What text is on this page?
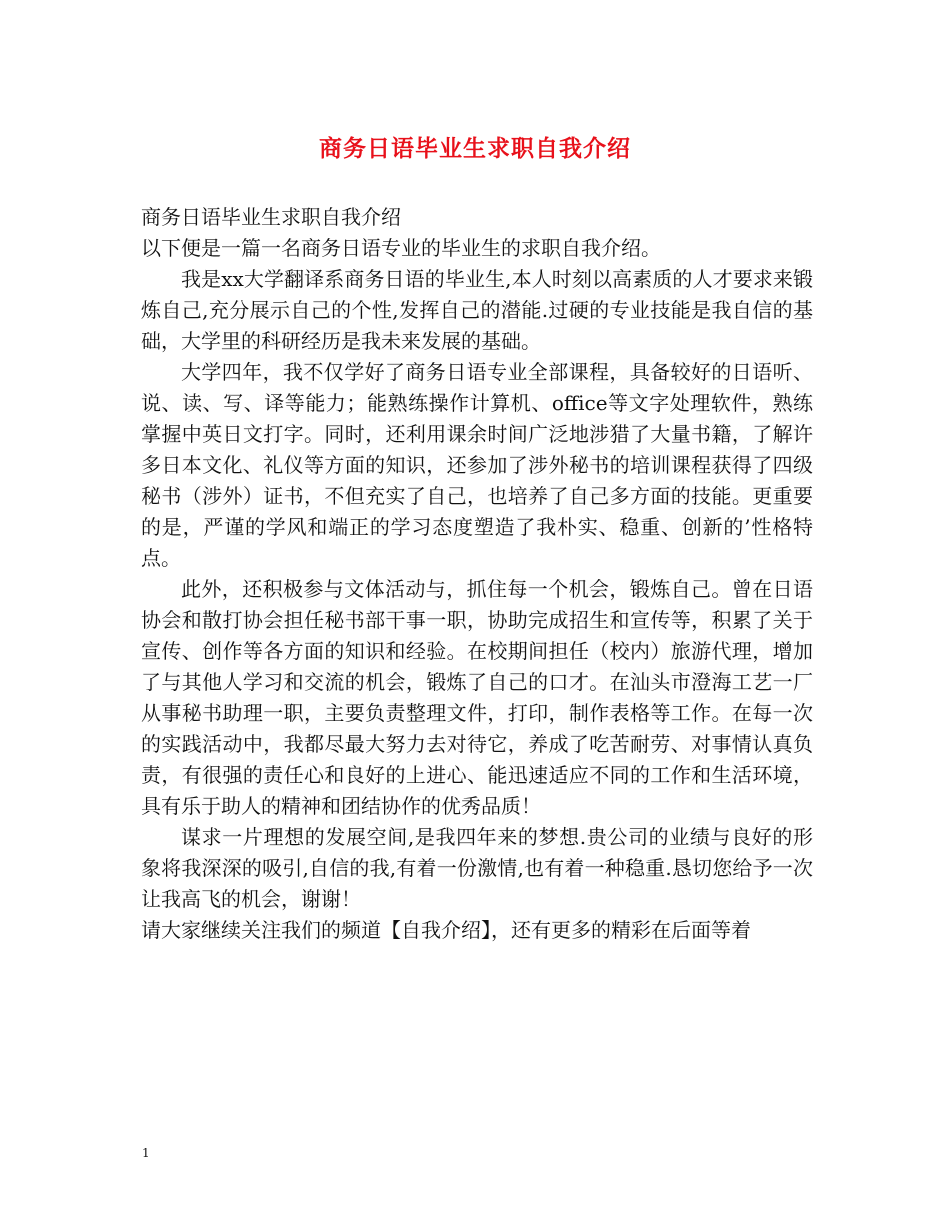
商务日语毕业生求职自我介绍
商务日语毕业生求职自我介绍
以下便是一篇一名商务日语专业的毕业生的求职自我介绍。

我是xx大学翻译系商务日语的毕业生,本人时刻以高素质的人才要求来锻炼自己,充分展示自己的个性,发挥自己的潜能.过硬的专业技能是我自信的基础，大学里的科研经历是我未来发展的基础。

大学四年，我不仅学好了商务日语专业全部课程，具备较好的日语听、说、读、写、译等能力；能熟练操作计算机、office等文字处理软件，熟练掌握中英日文打字。同时，还利用课余时间广泛地涉猎了大量书籍，了解许多日本文化、礼仪等方面的知识，还参加了涉外秘书的培训课程获得了四级秘书（涉外）证书，不但充实了自己，也培养了自己多方面的技能。更重要的是，严谨的学风和端正的学习态度塑造了我朴实、稳重、创新的’性格特点。

此外，还积极参与文体活动与，抓住每一个机会，锻炼自己。曾在日语协会和散打协会担任秘书部干事一职，协助完成招生和宣传等，积累了关于宣传、创作等各方面的知识和经验。在校期间担任（校内）旅游代理，增加了与其他人学习和交流的机会，锻炼了自己的口才。在汕头市澄海工艺一厂从事秘书助理一职，主要负责整理文件，打印，制作表格等工作。在每一次的实践活动中，我都尽最大努力去对待它，养成了吃苦耐劳、对事情认真负责，有很强的责任心和良好的上进心、能迅速适应不同的工作和生活环境，具有乐于助人的精神和团结协作的优秀品质！

谋求一片理想的发展空间,是我四年来的梦想.贵公司的业绩与良好的形象将我深深的吸引,自信的我,有着一份激情,也有着一种稳重.恳切您给予一次让我高飞的机会，谢谢！

请大家继续关注我们的频道【自我介绍】，还有更多的精彩在后面等着
1
